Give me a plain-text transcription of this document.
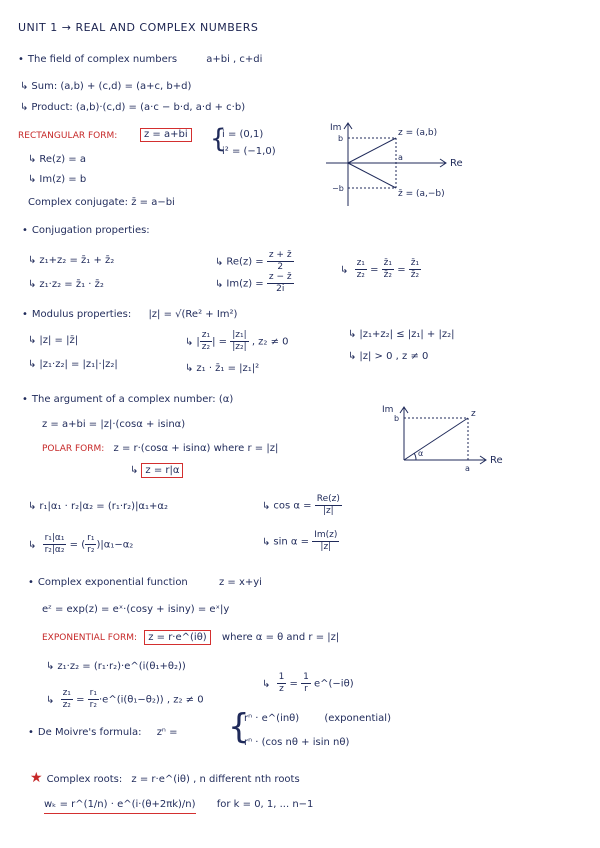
UNIT 1 → REAL AND COMPLEX NUMBERS
• The field of complex numbers	a+bi , c+di
↳ Sum: (a,b) + (c,d) = (a+c, b+d)
↳ Product: (a,b)·(c,d) = (a·c − b·d, a·d + c·b)
RECTANGULAR FORM:	z = a+bi {
i = (0,1)
i² = (−1,0)
↳ Re(z) = a
↳ Im(z) = b
Complex conjugate: z̄ = a−bi
Im
Re
b
−b
a
z = (a,b)
z̄ = (a,−b)
• Conjugation properties:
↳ z₁+z₂ = z̄₁ + z̄₂
↳ z₁·z₂ = z̄₁ · z̄₂
↳ $Re(z) = \frac{z + z̄}{2}$
↳ $Im(z) = \frac{z - z̄}{2i}$
↳ $\frac{\text{z₁}}{\text{z₂}} = \frac{\text{z̄₁}}{\text{z̄₂}} = \frac{\text{z̄₁}}{\text{z̄₂}}$
• Modulus properties: |z| = √(Re² + Im²)
↳ |z| = |z̄|
↳ |z₁·z₂| = |z₁|·|z₂|
↳ | $\frac{\text{z₁}}{\text{z₂}}$ | = $\frac{\text{|z₁|}}{\text{|z₂|}}$ , z₂ ≠ 0
↳ z₁ · z̄₁ = |z₁|²
↳ |z₁+z₂| ≤ |z₁| + |z₂|
↳ |z| > 0 , z ≠ 0
• The argument of a complex number: (α)
z = a+bi = |z|·(cosα + isinα)
POLAR FORM: z = r·(cosα + isinα) where r = |z|
↳ z = r|α
↳ r₁|α₁ · r₂|α₂ = (r₁·r₂)|α₁+α₂	↳ $\cos \alpha = \frac{Re(z)}{|z|}$
↳ $\frac{\text{r₁|α₁}}{\text{r₂|α₂}}$ = ( $\frac{\text{r₁}}{\text{r₂}} )|\alpha_1-\alpha_2$	↳ $\sin \alpha = \frac{Im(z)}{|z|}$
Im
Re
b
a
z
α
• Complex exponential function	z = x+yi
eᶻ = exp(z) = eˣ·(cosy + isiny) = eˣ|y
EXPONENTIAL FORM: z = r·e^(iθ) where α = θ and r = |z|
↳ z₁·z₂ = (r₁·r₂)·e^(i(θ₁+θ₂))
↳ $\frac{\text{z₁}}{\text{z₂}} = \frac{\text{r₁}}{\text{r₂}}$ ·e^(i(θ₁−θ₂)) , z₂ ≠ 0
↳ $\frac{1}{z} = \frac{1}{r}$ e^(−iθ)
• De Moivre's formula: zⁿ = {
rⁿ · e^(inθ)	(exponential)
rⁿ · (cos nθ + isin nθ)
★ Complex roots: z = r·e^(iθ) , n different nth roots
wₖ = r^(1/n) · e^(i·(θ+2πk)/n) for k = 0, 1, ... n−1
